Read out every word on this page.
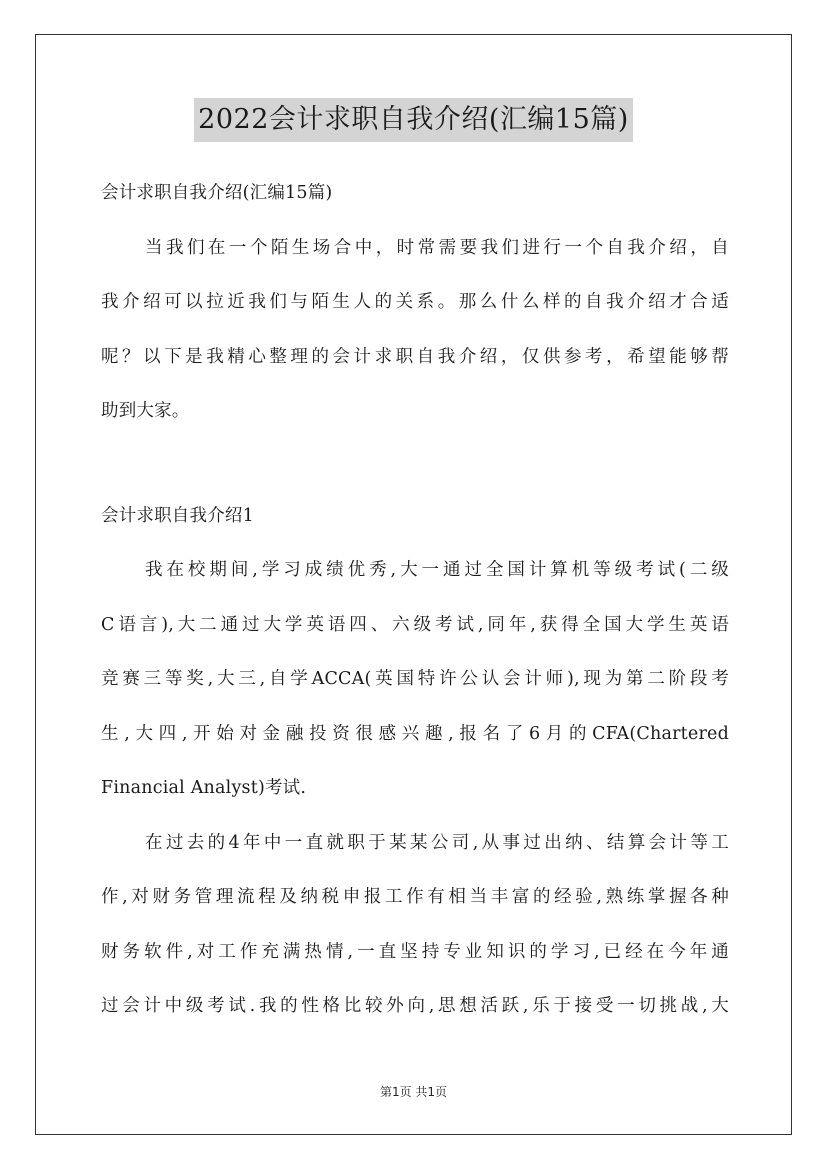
2022会计求职自我介绍(汇编15篇)
会计求职自我介绍(汇编15篇)
当我们在一个陌生场合中，时常需要我们进行一个自我介绍，自
我介绍可以拉近我们与陌生人的关系。那么什么样的自我介绍才合适
呢？以下是我精心整理的会计求职自我介绍，仅供参考，希望能够帮
助到大家。
会计求职自我介绍1
我在校期间,学习成绩优秀,大一通过全国计算机等级考试(二级
C语言),大二通过大学英语四、六级考试,同年,获得全国大学生英语
竞赛三等奖,大三,自学ACCA(英国特许公认会计师),现为第二阶段考
生,大四,开始对金融投资很感兴趣,报名了6月的CFA(Chartered
Financial Analyst)考试.
在过去的4年中一直就职于某某公司,从事过出纳、结算会计等工
作,对财务管理流程及纳税申报工作有相当丰富的经验,熟练掌握各种
财务软件,对工作充满热情,一直坚持专业知识的学习,已经在今年通
过会计中级考试.我的性格比较外向,思想活跃,乐于接受一切挑战,大
第1页 共1页
